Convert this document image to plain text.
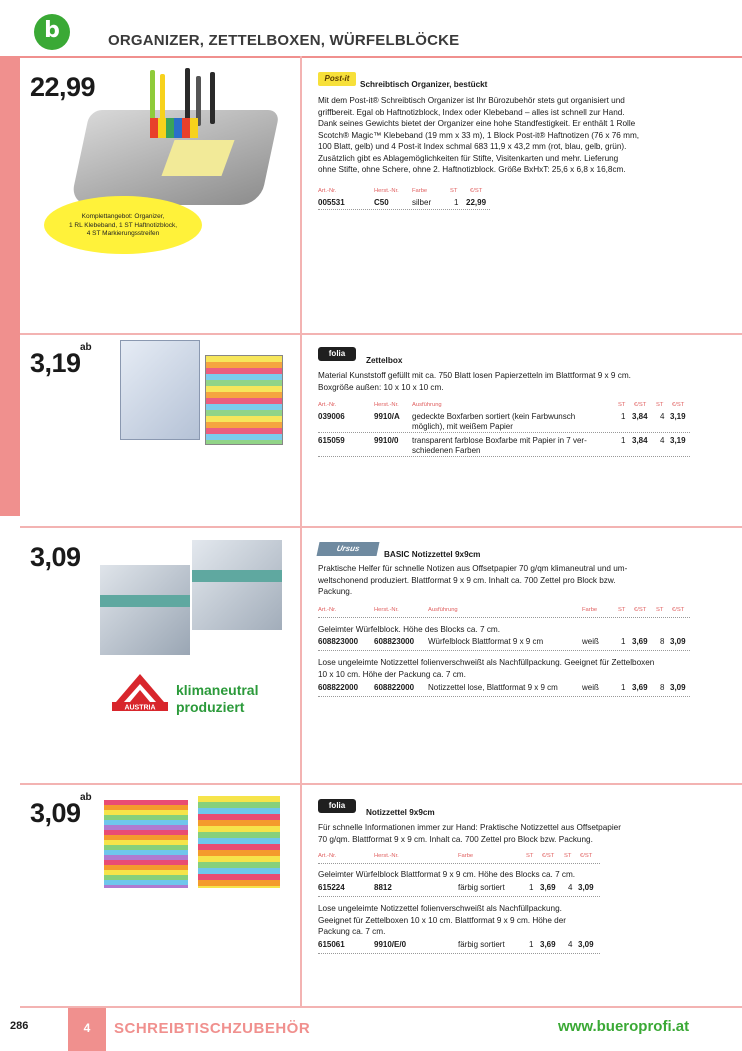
b	ORGANIZER, ZETTELBOXEN, WÜRFELBLÖCKE
22,99
Komplettangebot: Organizer,
1 RL Klebeband, 1 ST Haftnotizblock,
4 ST Markierungsstreifen
Post-it
Schreibtisch Organizer, bestückt
Mit dem Post-it® Schreibtisch Organizer ist Ihr Bürozubehör stets gut organisiert und
griffbereit. Egal ob Haftnotizblock, Index oder Klebeband – alles ist schnell zur Hand.
Dank seines Gewichts bietet der Organizer eine hohe Standfestigkeit. Er enthält 1 Rolle
Scotch® Magic™ Klebeband (19 mm x 33 m), 1 Block Post-it® Haftnotizen (76 x 76 mm,
100 Blatt, gelb) und 4 Post-it Index schmal 683 11,9 x 43,2 mm (rot, blau, gelb, grün).
Zusätzlich gibt es Ablagemöglichkeiten für Stifte, Visitenkarten und mehr. Lieferung
ohne Stifte, ohne Schere, ohne 2. Haftnotizblock. Größe BxHxT: 25,6 x 6,8 x 16,8cm.
Art.-Nr.	Herst.-Nr. Farbe	ST €/ST
005531	C50	silber	1 22,99
ab
3,19	folia
Zettelbox
Material Kunststoff gefüllt mit ca. 750 Blatt losen Papierzetteln im Blattformat 9 x 9 cm.
Boxgröße außen: 10 x 10 x 10 cm.
Art.-Nr.	Herst.-Nr. Ausführung	ST €/ST ST €/ST
039006	9910/A gedeckte Boxfarben sortiert (kein Farbwunsch
möglich), mit weißem Papier
1 3,84 4 3,19
615059	9910/0 transparent farblose Boxfarbe mit Papier in 7 ver-
schiedenen Farben
1 3,84 4 3,19
3,09
AUSTRIA
klimaneutral
produziert
Ursus
BASIC Notizzettel 9x9cm
Praktische Helfer für schnelle Notizen aus Offsetpapier 70 g/qm klimaneutral und um-
weltschonend produziert. Blattformat 9 x 9 cm. Inhalt ca. 700 Zettel pro Block bzw.
Packung.
Art.-Nr.	Herst.-Nr.	Ausführung	Farbe	ST €/ST ST €/ST
Geleimter Würfelblock. Höhe des Blocks ca. 7 cm.
608823000 608823000 Würfelblock Blattformat 9 x 9 cm	weiß	1 3,69 8 3,09
Lose ungeleimte Notizzettel folienverschweißt als Nachfüllpackung. Geeignet für Zettelboxen
10 x 10 cm. Höhe der Packung ca. 7 cm.
608822000 608822000 Notizzettel lose, Blattformat 9 x 9 cm	weiß	1 3,69 8 3,09
ab
3,09	folia
Notizzettel 9x9cm
Für schnelle Informationen immer zur Hand: Praktische Notizzettel aus Offsetpapier
70 g/qm. Blattformat 9 x 9 cm. Inhalt ca. 700 Zettel pro Block bzw. Packung.
Art.-Nr.	Herst.-Nr.	Farbe	ST €/ST ST €/ST
Geleimter Würfelblock Blattformat 9 x 9 cm. Höhe des Blocks ca. 7 cm.
615224	8812	färbig sortiert	1 3,69 4 3,09
Lose ungeleimte Notizzettel folienverschweißt als Nachfüllpackung.
Geeignet für Zettelboxen 10 x 10 cm. Blattformat 9 x 9 cm. Höhe der
Packung ca. 7 cm.
615061	9910/E/0	färbig sortiert	1 3,69 4 3,09
286	4	SCHREIBTISCHZUBEHÖR	www.bueroprofi.at
